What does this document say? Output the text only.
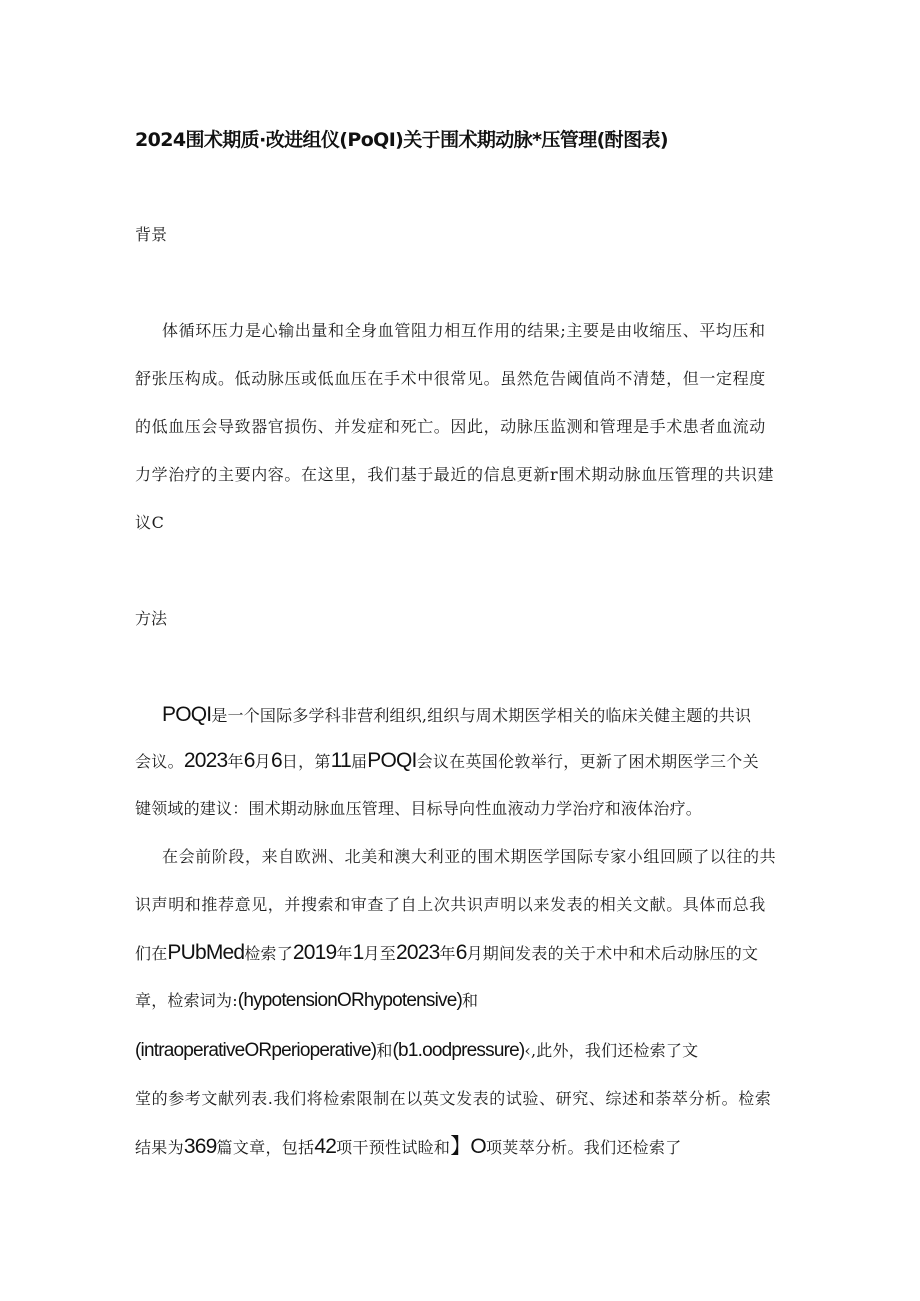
2024围术期质·改进组仪(PoQI)关于围术期动脉*压管理(酎图表)
背景
体循环压力是心输出量和全身血管阻力相互作用的结果;主要是由收缩压、平均压和
舒张压构成。低动脉压或低血压在手术中很常见。虽然危告阈值尚不清楚，但一定程度
的低血压会导致器官损伤、并发症和死亡。因此，动脉压监测和管理是手术患者血流动
力学治疗的主要内容。在这里，我们基于最近的信息更新r围术期动脉血压管理的共识建
议C
方法
POQI是一个国际多学科非营利组织,组织与周术期医学相关的临床关健主题的共识
会议。2023年6月6日，第11届POQI会议在英国伦敦举行，更新了困术期医学三个关
键领域的建议：围术期动脉血压管理、目标导向性血液动力学治疗和液体治疗。
在会前阶段，来自欧洲、北美和澳大利亚的围术期医学国际专家小组回顾了以往的共
识声明和推荐意见，并搜索和审查了自上次共识声明以来发表的相关文献。具体而总我
们在PUbMed检索了2019年1月至2023年6月期间发表的关于术中和术后动脉压的文
章，检索词为:(hypotensionORhypotensive)和
(intraoperativeORperioperative)和(b1.oodpressure)‹,此外，我们还检索了文
堂的参考文献列表.我们将检索限制在以英文发表的试验、研究、综述和荼萃分析。检索
结果为369篇文章，包括42项干预性试睑和】O项荚萃分析。我们还检索了
